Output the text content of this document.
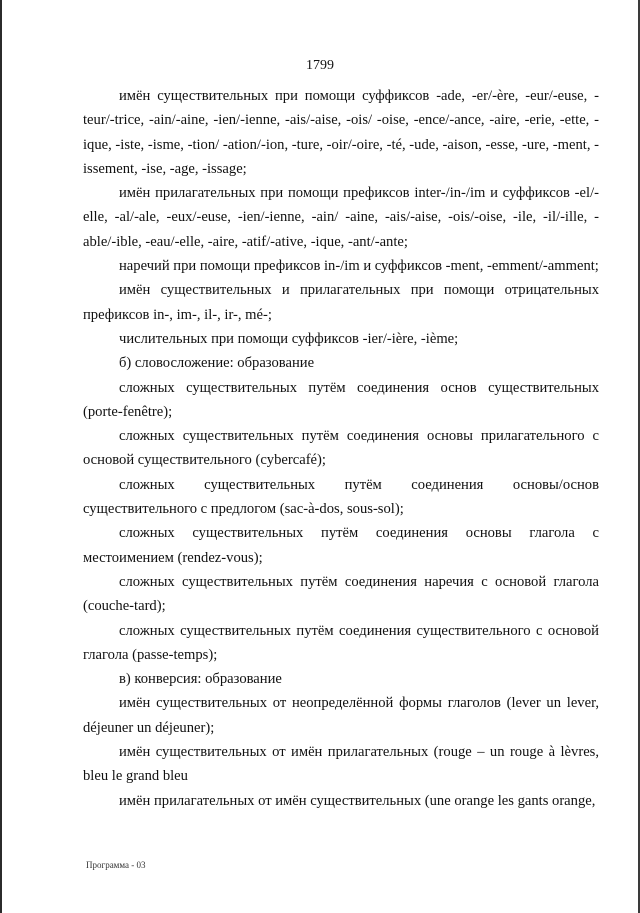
1799

имён существительных при помощи суффиксов -ade, -er/-ère, -eur/-euse, -teur/-trice, -ain/-aine, -ien/-ienne, -ais/-aise, -ois/ -oise, -ence/-ance, -aire, -erie, -ette, -ique, -iste, -isme, -tion/ -ation/-ion, -ture, -oir/-oire, -té, -ude, -aison, -esse, -ure, -ment, -issement, -ise, -age, -issage;

имён прилагательных при помощи префиксов inter-/in-/im и суффиксов -el/-elle, -al/-ale, -eux/-euse, -ien/-ienne, -ain/ -aine, -ais/-aise, -ois/-oise, -ile, -il/-ille, -able/-ible, -eau/-elle, -aire, -atif/-ative, -ique, -ant/-ante;

наречий при помощи префиксов in-/im и суффиксов -ment, -emment/-amment;

имён существительных и прилагательных при помощи отрицательных префиксов in-, im-, il-, ir-, mé-;

числительных при помощи суффиксов -ier/-ière, -ième;

б) словосложение: образование

сложных существительных путём соединения основ существительных (porte-fenêtre);

сложных существительных путём соединения основы прилагательного с основой существительного (cybercafé);

сложных существительных путём соединения основы/основ существительного с предлогом (sac-à-dos, sous-sol);

сложных существительных путём соединения основы глагола с местоимением (rendez-vous);

сложных существительных путём соединения наречия с основой глагола (couche-tard);

сложных существительных путём соединения существительного с основой глагола (passe-temps);

в) конверсия: образование

имён существительных от неопределённой формы глаголов (lever un lever, déjeuner un déjeuner);

имён существительных от имён прилагательных (rouge – un rouge à lèvres, bleu le grand bleu

имён прилагательных от имён существительных (une orange les gants orange,

Программа - 03
